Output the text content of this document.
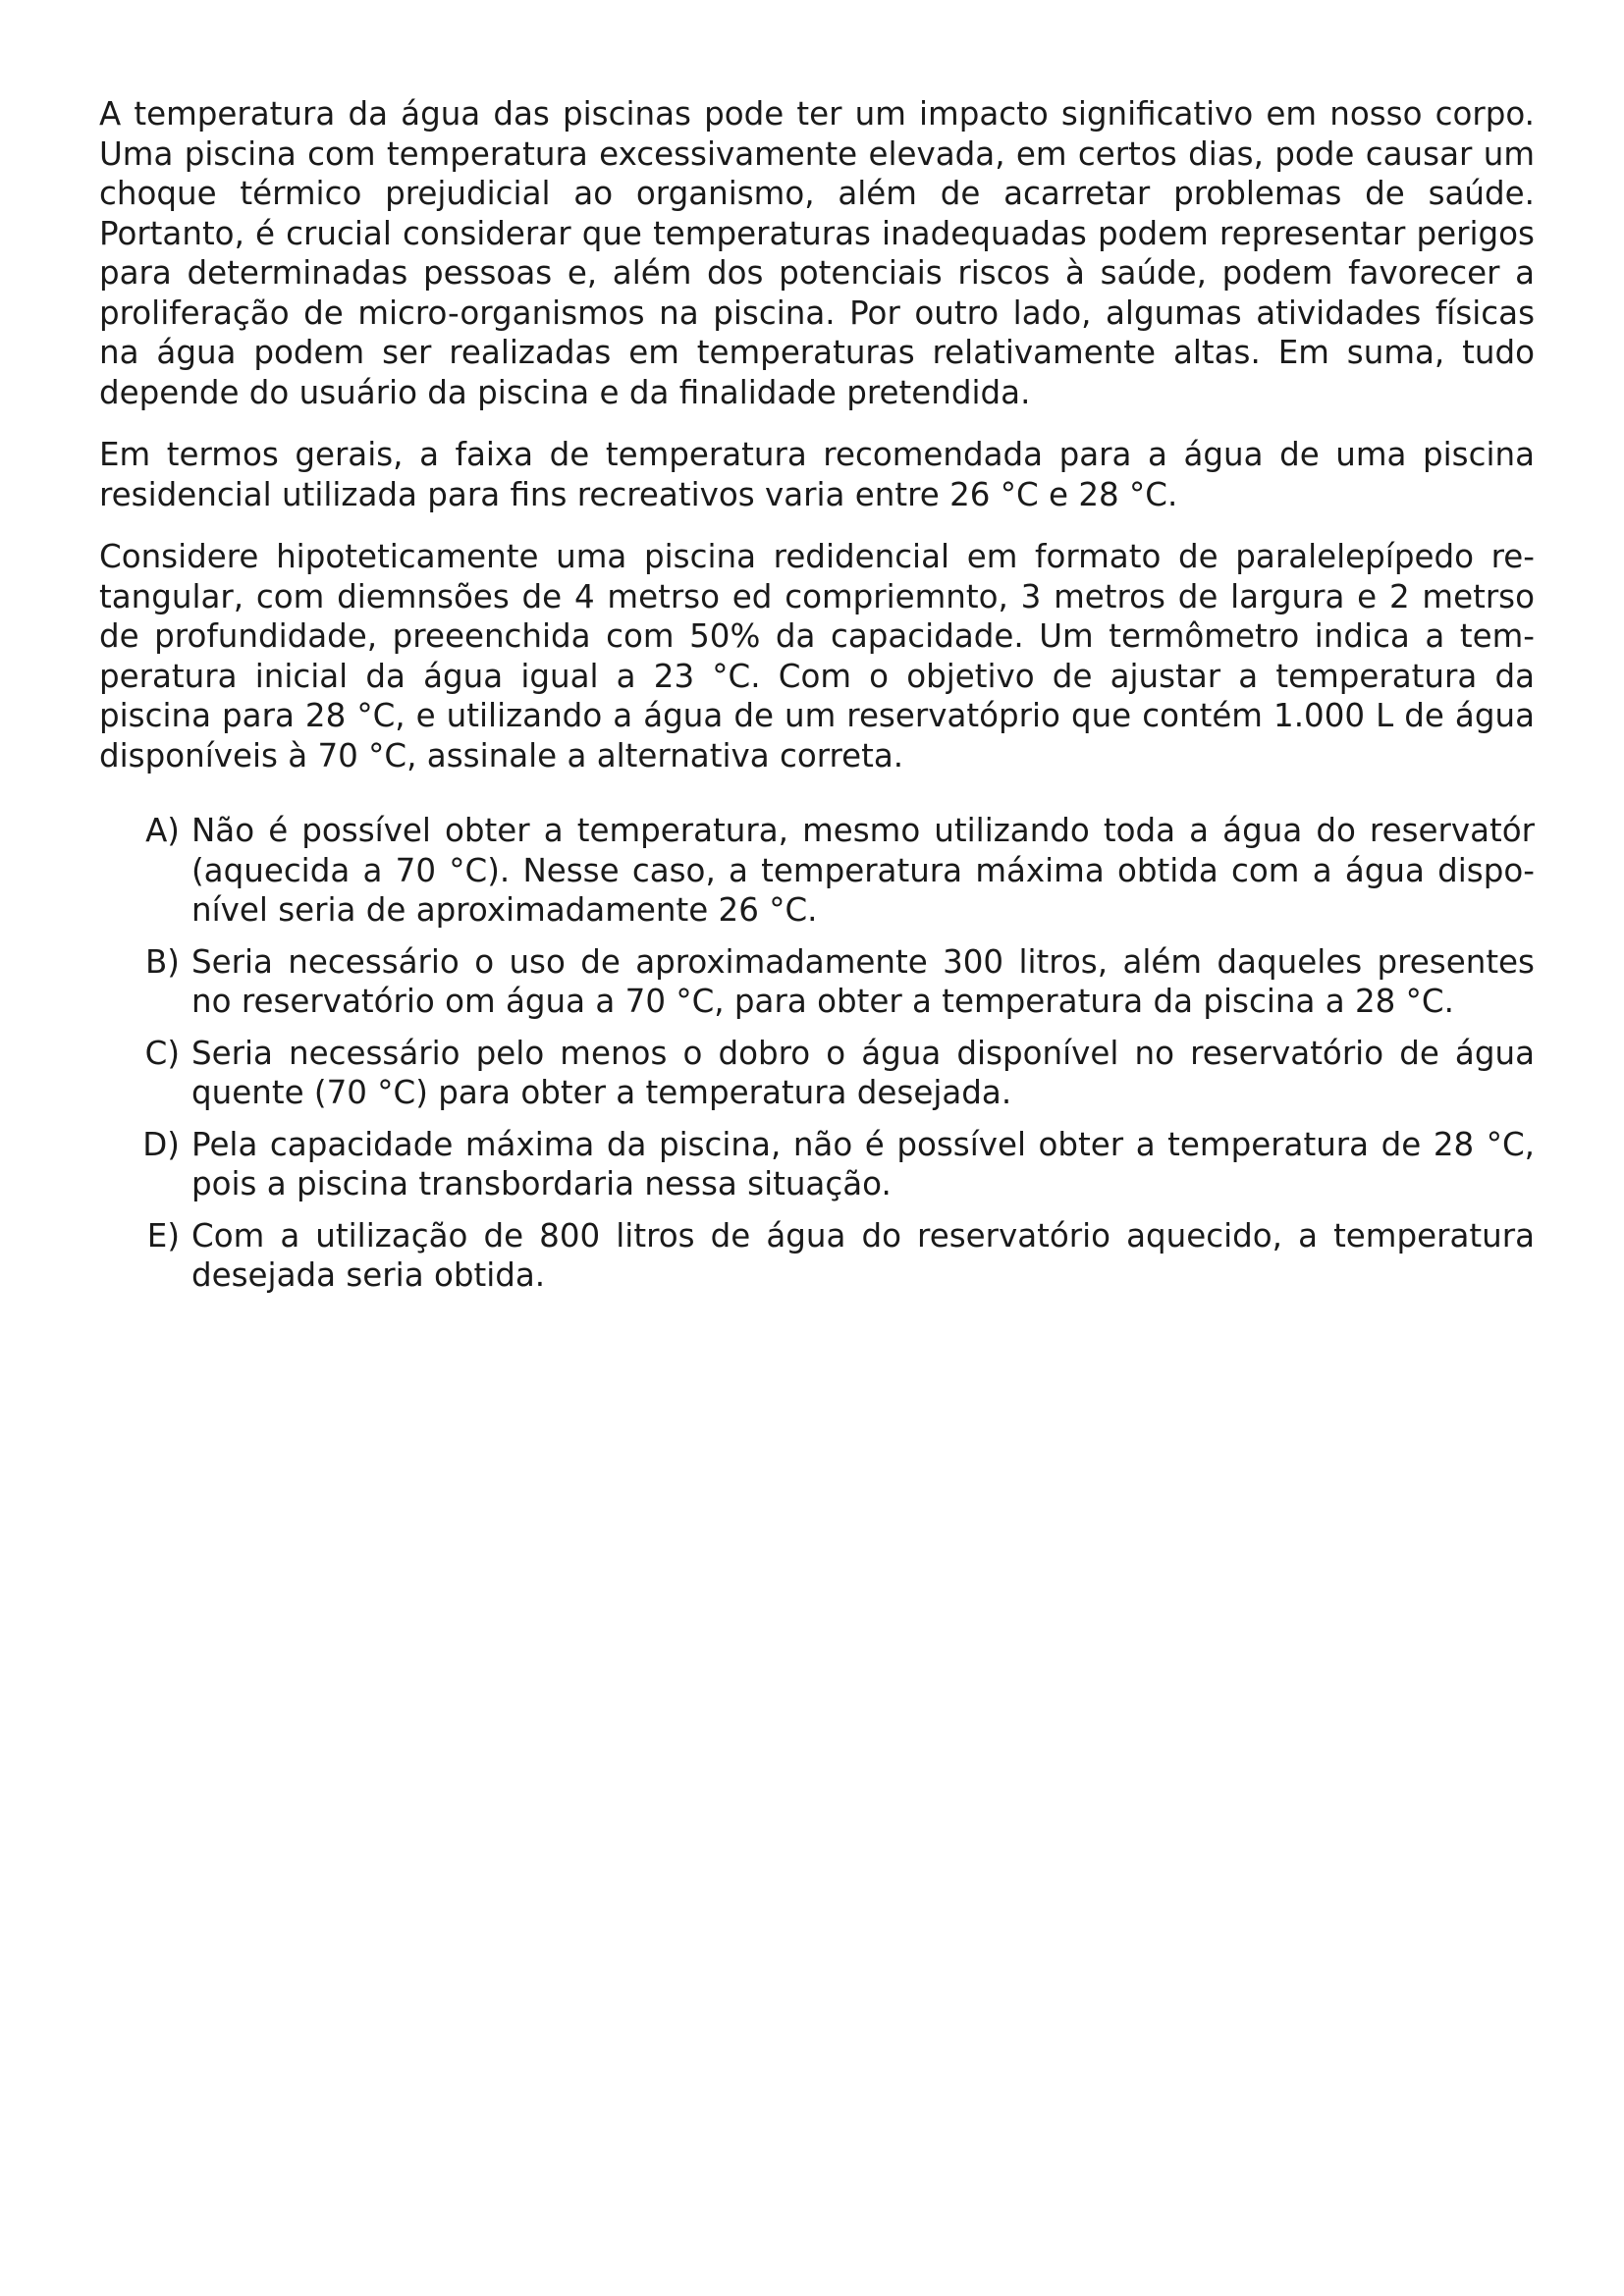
A temperatura da água das piscinas pode ter um impacto significativo em nosso corpo. Uma piscina com temperatura excessivamente elevada, em certos dias, pode causar um choque térmico prejudicial ao organismo, além de acarretar problemas de saúde. Portanto, é crucial considerar que temperaturas inadequadas podem representar perigos para determinadas pessoas e, além dos potenciais riscos à saúde, podem favorecer a proliferação de micro-organismos na piscina. Por outro lado, algumas atividades físicas na água podem ser realizadas em temperaturas relativamente altas. Em suma, tudo depende do usuário da piscina e da finalidade pretendida.

Em termos gerais, a faixa de temperatura recomendada para a água de uma piscina residencial utilizada para fins recreativos varia entre 26 °C e 28 °C.

Considere hipoteticamente uma piscina redidencial em formato de paralelepípedo retangular, com diemnsões de 4 metrso ed compriemnto, 3 metros de largura e 2 metrso de profundidade, preeenchida com 50% da capacidade. Um termômetro indica a temperatura inicial da água igual a 23 °C. Com o objetivo de ajustar a temperatura da piscina para 28 °C, e utilizando a água de um reservatóprio que contém 1.000 L de água disponíveis à 70 °C, assinale a alternativa correta.

A) Não é possível obter a temperatura, mesmo utilizando toda a água do reservatór (aquecida a 70 °C). Nesse caso, a temperatura máxima obtida com a água disponível seria de aproximadamente 26 °C.
B) Seria necessário o uso de aproximadamente 300 litros, além daqueles presentes no reservatório om água a 70 °C, para obter a temperatura da piscina a 28 °C.
C) Seria necessário pelo menos o dobro o água disponível no reservatório de água quente (70 °C) para obter a temperatura desejada.
D) Pela capacidade máxima da piscina, não é possível obter a temperatura de 28 °C, pois a piscina transbordaria nessa situação.
E) Com a utilização de 800 litros de água do reservatório aquecido, a temperatura desejada seria obtida.
